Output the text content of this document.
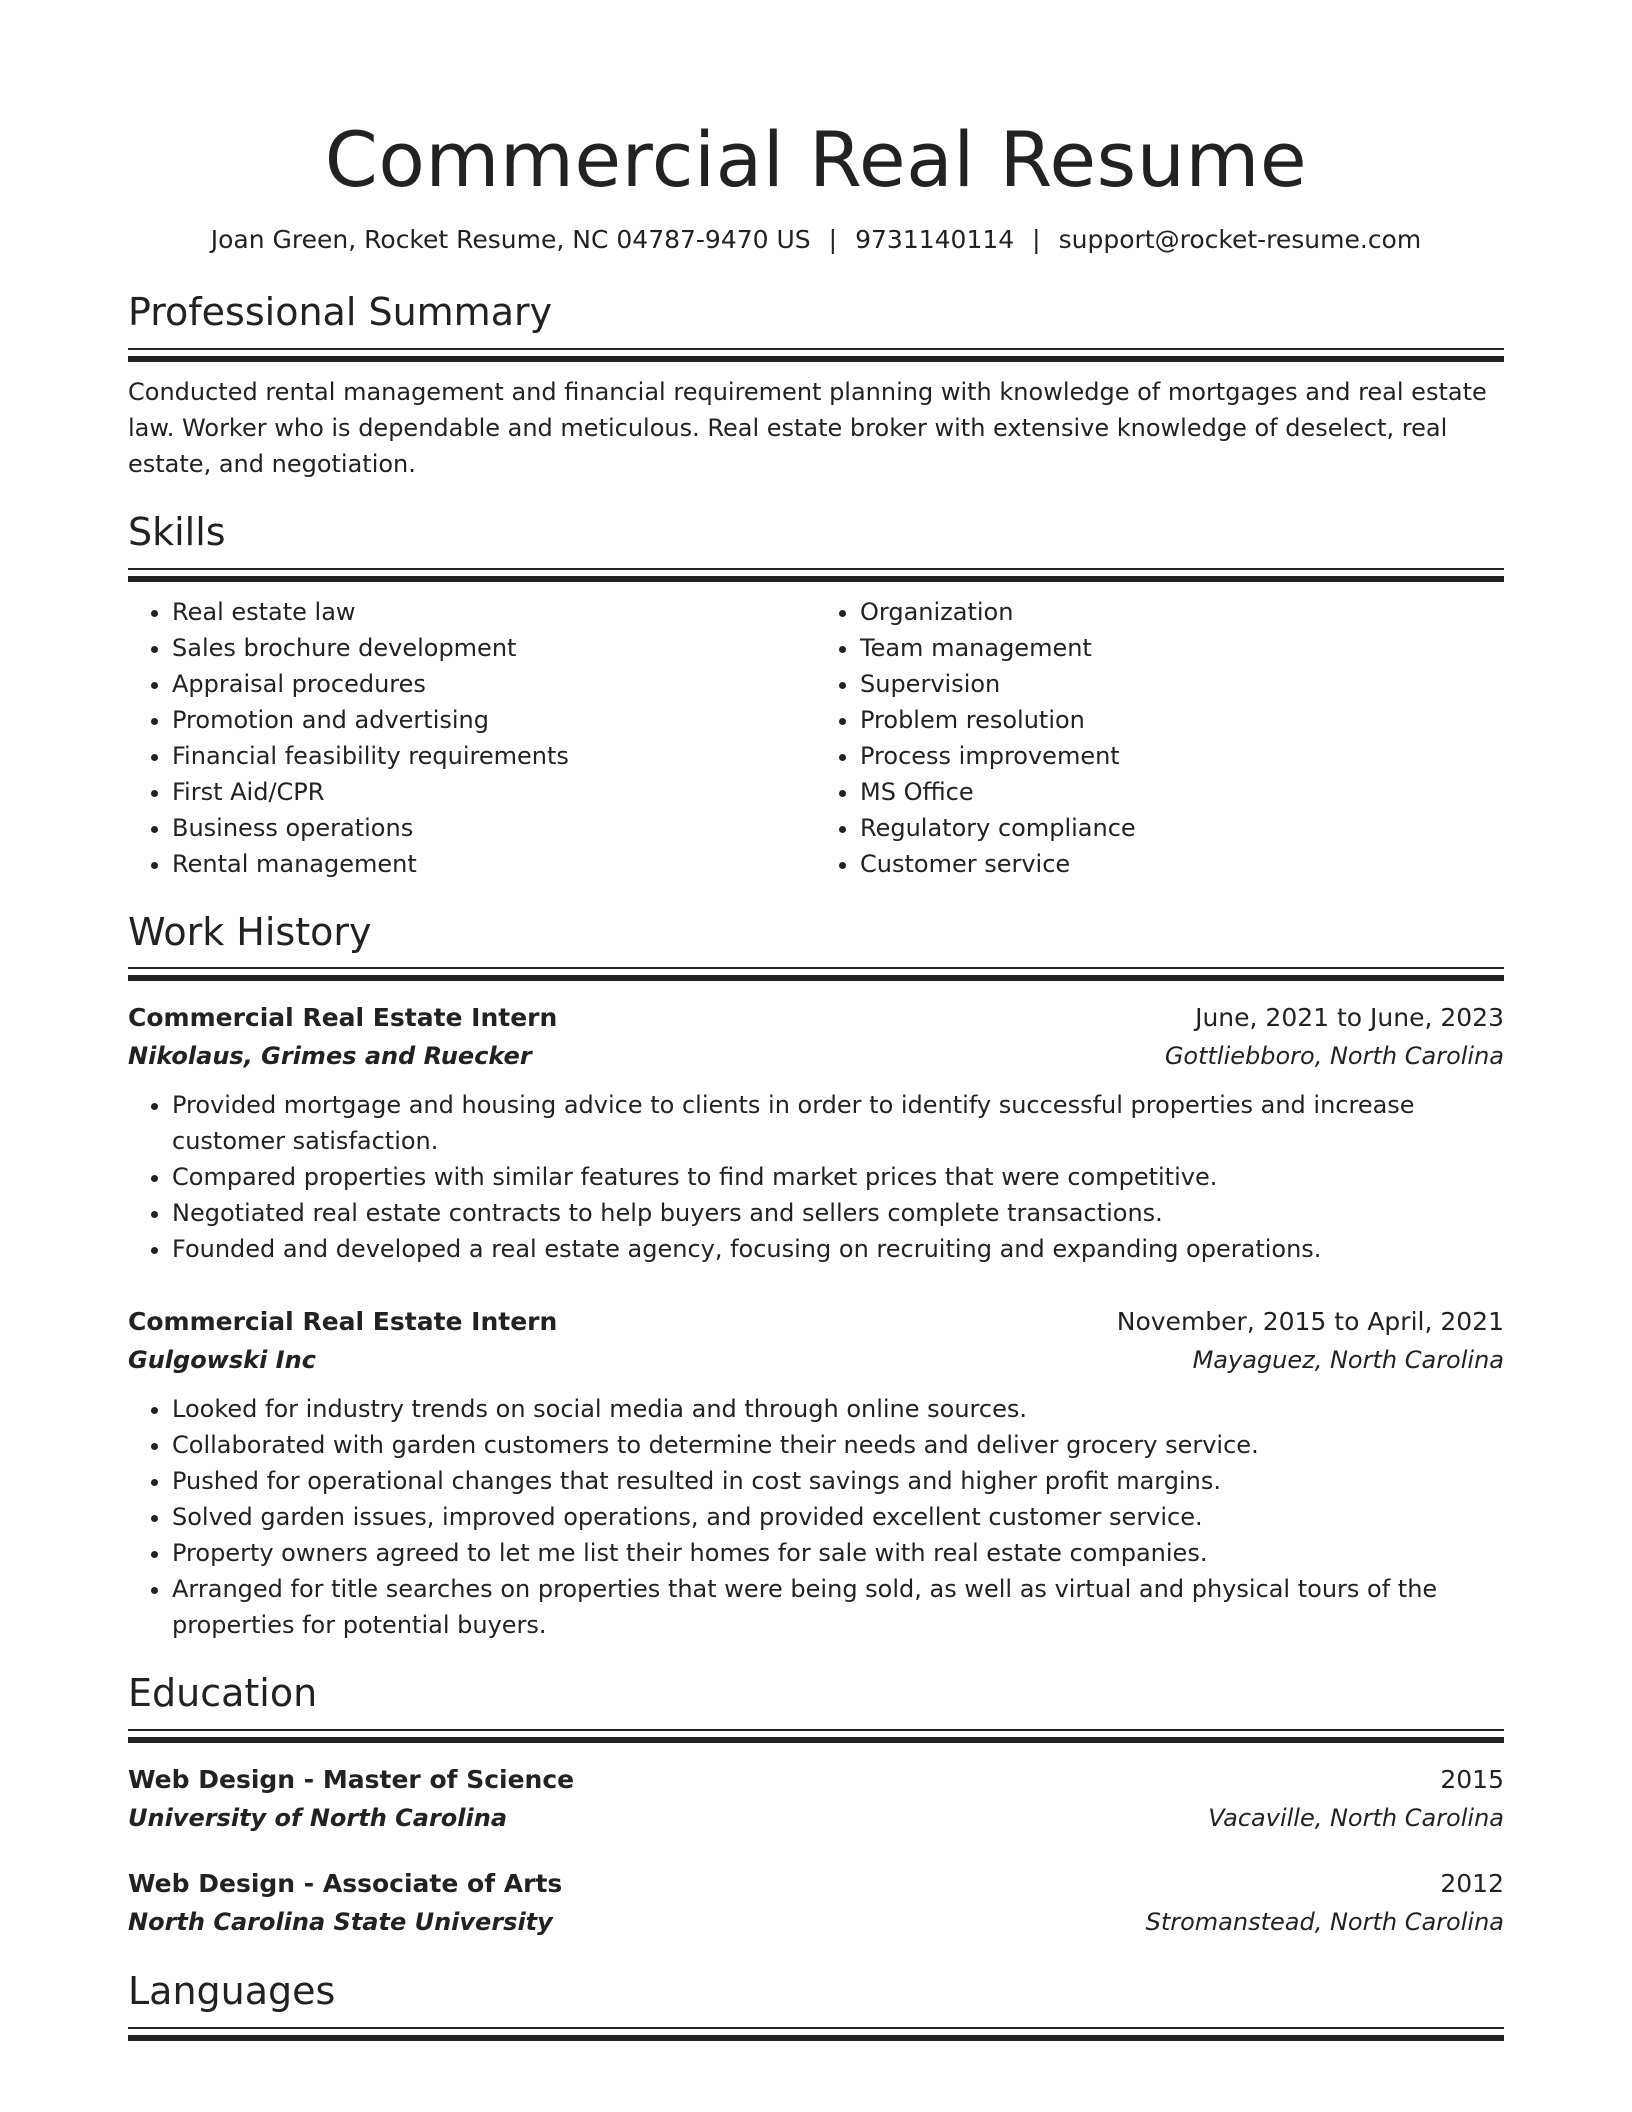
Commercial Real Resume
Joan Green, Rocket Resume, NC 04787-9470 US | 9731140114 | support@rocket-resume.com
Professional Summary

Conducted rental management and financial requirement planning with knowledge of mortgages and real estate law. Worker who is dependable and meticulous. Real estate broker with extensive knowledge of deselect, real estate, and negotiation.

Skills
• Real estate law
• Sales brochure development
• Appraisal procedures
• Promotion and advertising
• Financial feasibility requirements
• First Aid/CPR
• Business operations
• Rental management
• Organization
• Team management
• Supervision
• Problem resolution
• Process improvement
• MS Office
• Regulatory compliance
• Customer service
Work History
Commercial Real Estate Intern	June, 2021 to June, 2023
Nikolaus, Grimes and Ruecker	Gottliebboro, North Carolina
• Provided mortgage and housing advice to clients in order to identify successful properties and increase customer satisfaction.
• Compared properties with similar features to find market prices that were competitive.
• Negotiated real estate contracts to help buyers and sellers complete transactions.
• Founded and developed a real estate agency, focusing on recruiting and expanding operations.
Commercial Real Estate Intern	November, 2015 to April, 2021
Gulgowski Inc	Mayaguez, North Carolina
• Looked for industry trends on social media and through online sources.
• Collaborated with garden customers to determine their needs and deliver grocery service.
• Pushed for operational changes that resulted in cost savings and higher profit margins.
• Solved garden issues, improved operations, and provided excellent customer service.
• Property owners agreed to let me list their homes for sale with real estate companies.
• Arranged for title searches on properties that were being sold, as well as virtual and physical tours of the properties for potential buyers.
Education
Web Design - Master of Science	2015
University of North Carolina	Vacaville, North Carolina
Web Design - Associate of Arts	2012
North Carolina State University	Stromanstead, North Carolina
Languages
